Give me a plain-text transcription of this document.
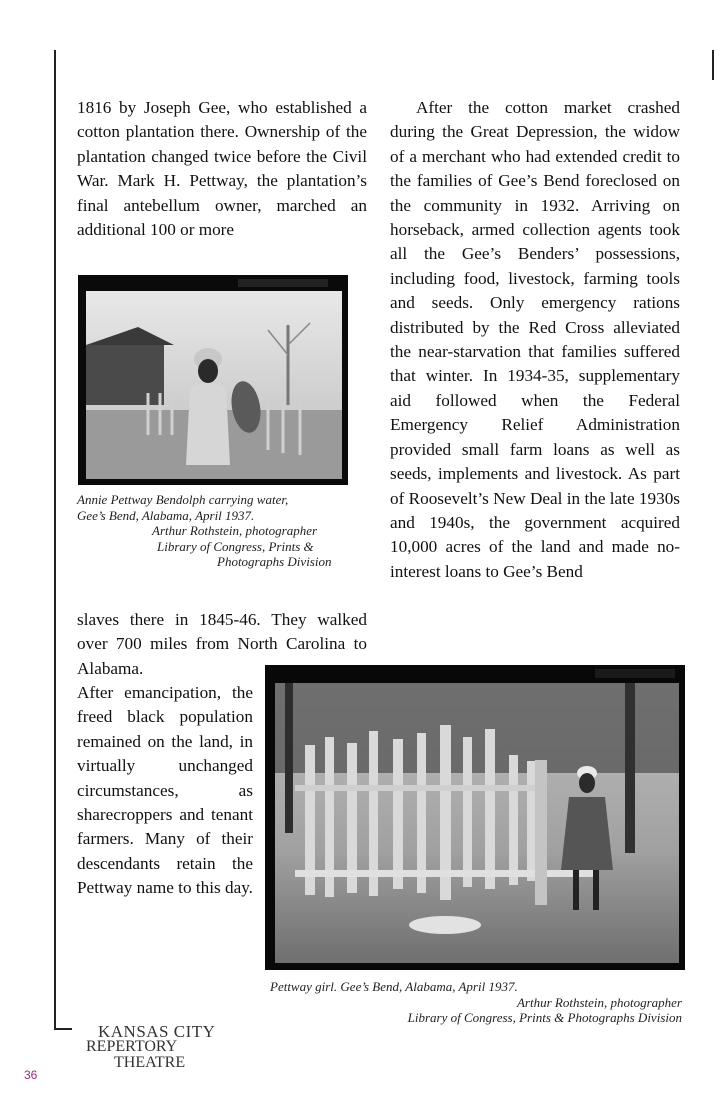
1816 by Joseph Gee, who established a cotton plantation there. Ownership of the plantation changed twice before the Civil War. Mark H. Pettway, the plantation’s final antebellum owner, marched an additional 100 or more

Annie Pettway Bendolph carrying water,
Gee’s Bend, Alabama, April 1937.
Arthur Rothstein, photographer
Library of Congress, Prints &
Photographs Division

slaves there in 1845-46. They walked over 700 miles from North Carolina to Alabama.

After emancipation, the freed black population remained on the land, in virtually unchanged circumstances, as sharecroppers and tenant farmers. Many of their descendants retain the Pettway name to this day.

After the cotton market crashed during the Great Depression, the widow of a merchant who had extended credit to the families of Gee’s Bend foreclosed on the community in 1932. Arriving on horseback, armed collection agents took all the Gee’s Benders’ possessions, including food, livestock, farming tools and seeds. Only emergency rations distributed by the Red Cross alleviated the near-starvation that families suffered that winter. In 1934-35, supplementary aid followed when the Federal Emergency Relief Administration provided small farm loans as well as seeds, implements and livestock. As part of Roosevelt’s New Deal in the late 1930s and 1940s, the government acquired 10,000 acres of the land and made no-interest loans to Gee’s Bend

Pettway girl. Gee’s Bend, Alabama, April 1937.
Arthur Rothstein, photographer
Library of Congress, Prints & Photographs Division
KANSAS CITY
REPERTORY
THEATRE
36
